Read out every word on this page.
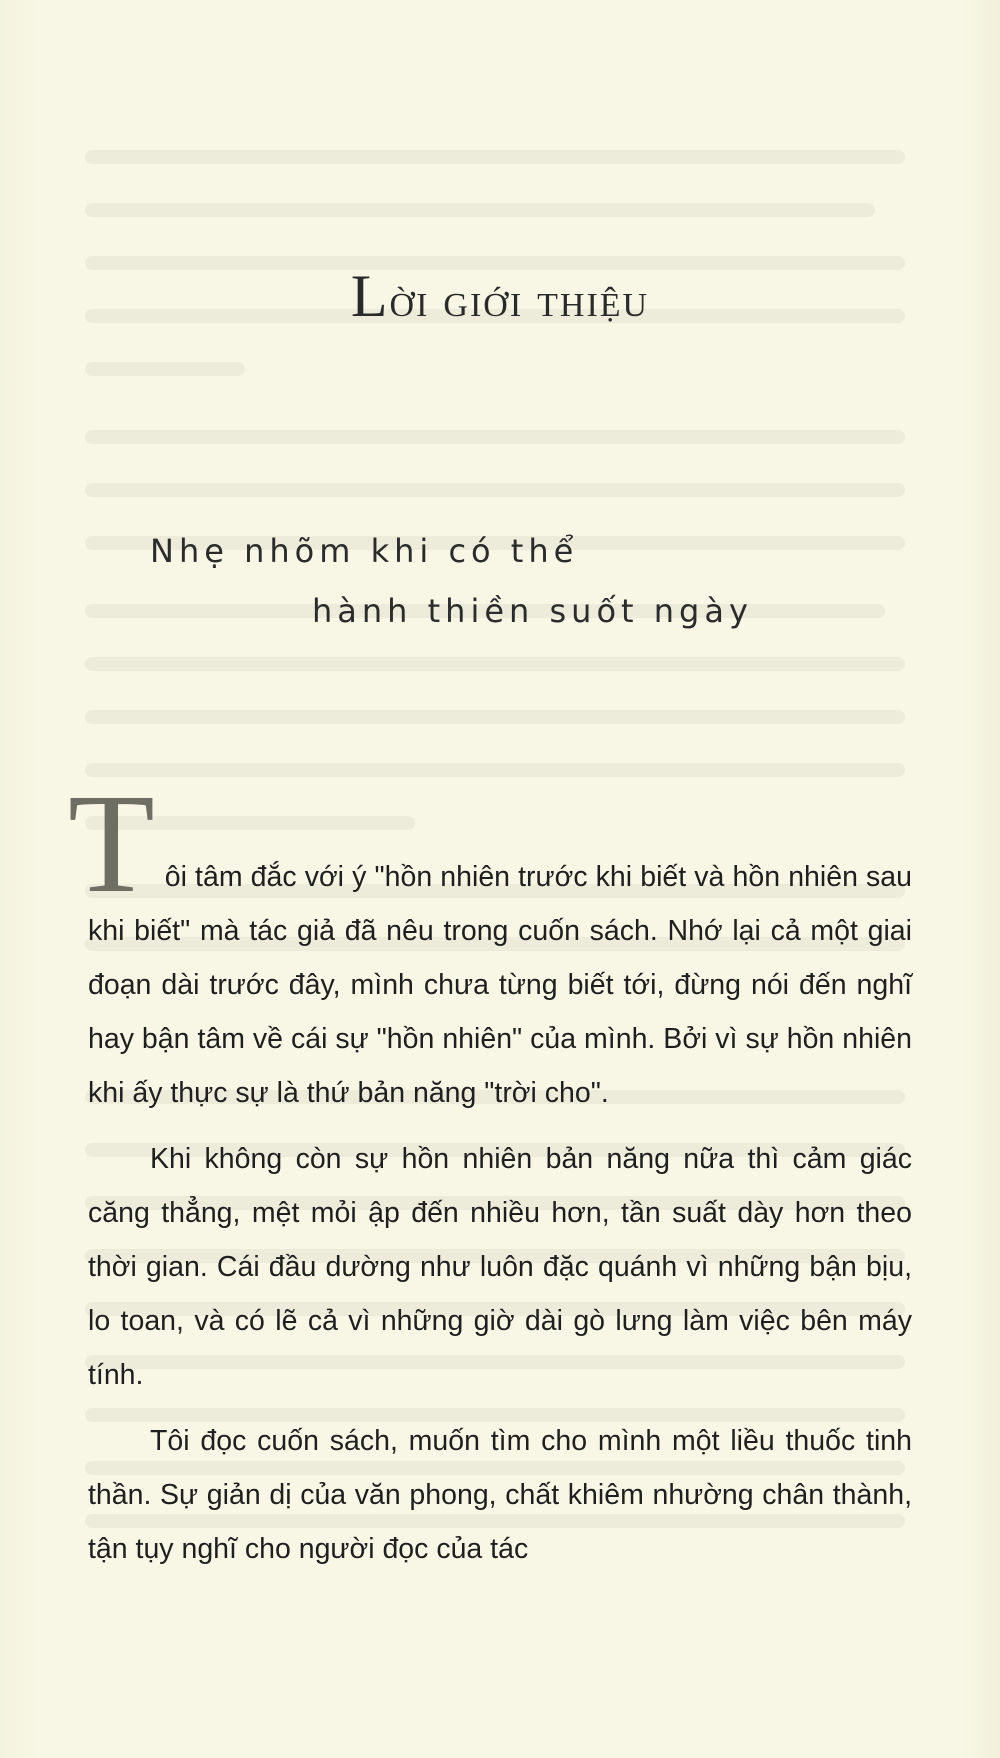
Lời giới thiệu

Nhẹ nhõm khi có thể

hành thiền suốt ngày

Tôi tâm đắc với ý "hồn nhiên trước khi biết và hồn nhiên sau khi biết" mà tác giả đã nêu trong cuốn sách. Nhớ lại cả một giai đoạn dài trước đây, mình chưa từng biết tới, đừng nói đến nghĩ hay bận tâm về cái sự "hồn nhiên" của mình. Bởi vì sự hồn nhiên khi ấy thực sự là thứ bản năng "trời cho".

Khi không còn sự hồn nhiên bản năng nữa thì cảm giác căng thẳng, mệt mỏi ập đến nhiều hơn, tần suất dày hơn theo thời gian. Cái đầu dường như luôn đặc quánh vì những bận bịu, lo toan, và có lẽ cả vì những giờ dài gò lưng làm việc bên máy tính.

Tôi đọc cuốn sách, muốn tìm cho mình một liều thuốc tinh thần. Sự giản dị của văn phong, chất khiêm nhường chân thành, tận tụy nghĩ cho người đọc của tác
